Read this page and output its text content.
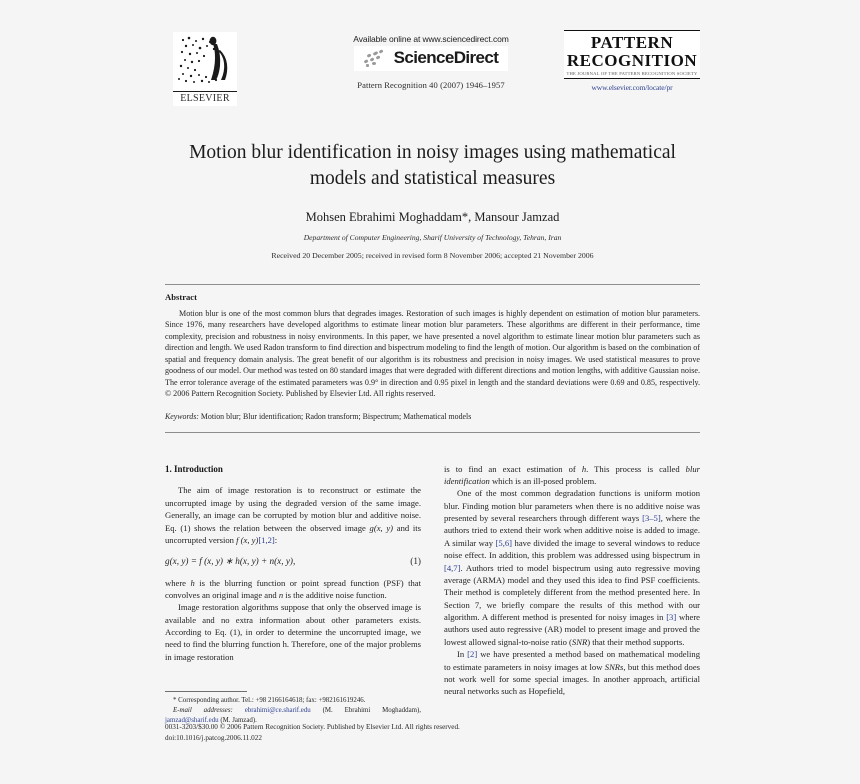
ELSEVIER
Available online at www.sciencedirect.com
ScienceDirect
Pattern Recognition 40 (2007) 1946–1957
PATTERN
RECOGNITION
THE JOURNAL OF THE PATTERN RECOGNITION SOCIETY
www.elsevier.com/locate/pr
Motion blur identification in noisy images using mathematical models and statistical measures
Mohsen Ebrahimi Moghaddam*, Mansour Jamzad
Department of Computer Engineering, Sharif University of Technology, Tehran, Iran
Received 20 December 2005; received in revised form 8 November 2006; accepted 21 November 2006
Abstract
Motion blur is one of the most common blurs that degrades images. Restoration of such images is highly dependent on estimation of motion blur parameters. Since 1976, many researchers have developed algorithms to estimate linear motion blur parameters. These algorithms are different in their performance, time complexity, precision and robustness in noisy environments. In this paper, we have presented a novel algorithm to estimate linear motion blur parameters such as direction and length. We used Radon transform to find direction and bispectrum modeling to find the length of motion. Our algorithm is based on the combination of spatial and frequency domain analysis. The great benefit of our algorithm is its robustness and precision in noisy images. We used statistical measures to prove goodness of our model. Our method was tested on 80 standard images that were degraded with different directions and motion lengths, with additive Gaussian noise. The error tolerance average of the estimated parameters was 0.9° in direction and 0.95 pixel in length and the standard deviations were 0.69 and 0.85, respectively. © 2006 Pattern Recognition Society. Published by Elsevier Ltd. All rights reserved.
Keywords: Motion blur; Blur identification; Radon transform; Bispectrum; Mathematical models
1. Introduction

The aim of image restoration is to reconstruct or estimate the uncorrupted image by using the degraded version of the same image. Generally, an image can be corrupted by motion blur and additive noise. Eq. (1) shows the relation between the observed image g(x, y) and its uncorrupted version f (x, y)[1,2]:

g(x, y) = f (x, y) ∗ h(x, y) + n(x, y),	(1)

where h is the blurring function or point spread function (PSF) that convolves an original image and n is the additive noise function.

Image restoration algorithms suppose that only the observed image is available and no extra information about other parameters exists. According to Eq. (1), in order to determine the uncorrupted image, we need to find the blurring function h. Therefore, one of the major problems in image restoration

* Corresponding author. Tel.: +98 2166164618; fax: +982161619246.
E-mail addresses: ebrahimi@ce.sharif.edu (M. Ebrahimi Moghaddam), jamzad@sharif.edu (M. Jamzad).

is to find an exact estimation of h. This process is called blur identification which is an ill-posed problem.

One of the most common degradation functions is uniform motion blur. Finding motion blur parameters when there is no additive noise was presented by several researchers through different ways [3–5], where the authors tried to extend their work when additive noise is added to image. A similar way [5,6] have divided the image to several windows to reduce noise effect. In addition, this problem was addressed using bispectrum in [4,7]. Authors tried to model bispectrum using auto regressive moving average (ARMA) model and they used this idea to find PSF coefficients. Their method is completely different from the method presented here. In Section 7, we briefly compare the results of this method with our algorithm. A different method is presented for noisy images in [3] where authors used auto regressive (AR) model to present image and proved the lowest allowed signal-to-noise ratio (SNR) that their method supports.

In [2] we have presented a method based on mathematical modeling to estimate parameters in noisy images at low SNRs, but this method does not work well for some special images. In another approach, artificial neural networks such as Hopefield,

0031-3203/$30.00 © 2006 Pattern Recognition Society. Published by Elsevier Ltd. All rights reserved.
doi:10.1016/j.patcog.2006.11.022
